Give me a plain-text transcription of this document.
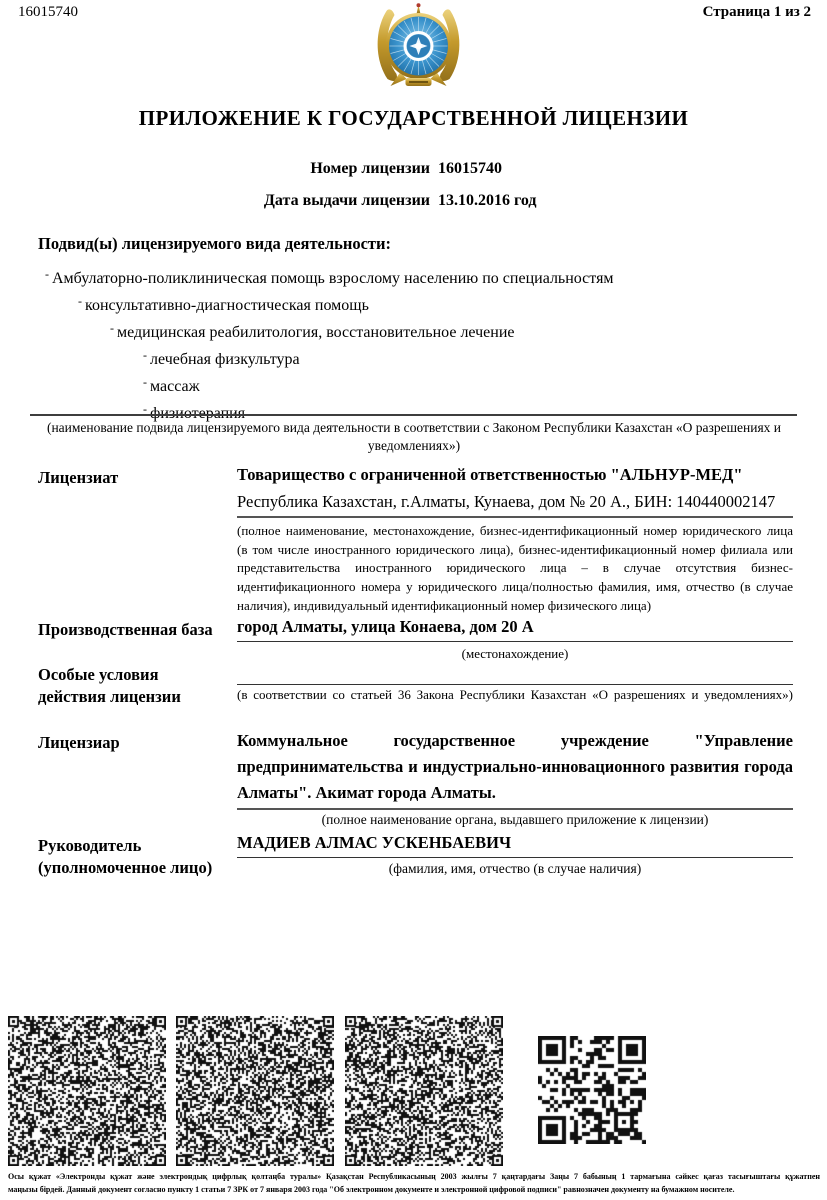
16015740	Страница 1 из 2
ПРИЛОЖЕНИЕ К ГОСУДАРСТВЕННОЙ ЛИЦЕНЗИИ
Номер лицензии 16015740
Дата выдачи лицензии 13.10.2016 год
Подвид(ы) лицензируемого вида деятельности:
- Амбулаторно-поликлиническая помощь взрослому населению по специальностям
- консультативно-диагностическая помощь
- медицинская реабилитология, восстановительное лечение
- лечебная физкультура
- массаж
- физиотерапия
(наименование подвида лицензируемого вида деятельности в соответствии с Законом Республики Казахстан «О разрешениях и уведомлениях»)
Лицензиат	Товарищество с ограниченной ответственностью "АЛЬНУР-МЕД"
Республика Казахстан, г.Алматы, Кунаева, дом № 20 А., БИН: 140440002147
(полное наименование, местонахождение, бизнес-идентификационный номер юридического лица (в том числе иностранного юридического лица), бизнес-идентификационный номер филиала или представительства иностранного юридического лица – в случае отсутствия бизнес-идентификационного номера у юридического лица/полностью фамилия, имя, отчество (в случае наличия), индивидуальный идентификационный номер физического лица)
Производственная база	город Алматы, улица Конаева, дом 20 А
(местонахождение)
Особые условия
действия лицензии	(в соответствии со статьей 36 Закона Республики Казахстан «О разрешениях и уведомлениях»)
Лицензиар	Коммунальное государственное учреждение "Управление предпринимательства и индустриально-инновационного развития города Алматы". Акимат города Алматы.
(полное наименование органа, выдавшего приложение к лицензии)
Руководитель
(уполномоченное лицо)
МАДИЕВ АЛМАС УСКЕНБАЕВИЧ
(фамилия, имя, отчество (в случае наличия)
Осы құжат «Электронды құжат және электрондық цифрлық қолтаңба туралы» Қазақстан Республикасының 2003 жылғы 7 қаңтардағы Заңы 7 бабының 1 тармағына сәйкес қағаз тасығыштағы құжатпен
маңызы бірдей. Данный документ согласно пункту 1 статьи 7 ЗРК от 7 января 2003 года "Об электронном документе и электронной цифровой подписи" равнозначен документу на бумажном носителе.
